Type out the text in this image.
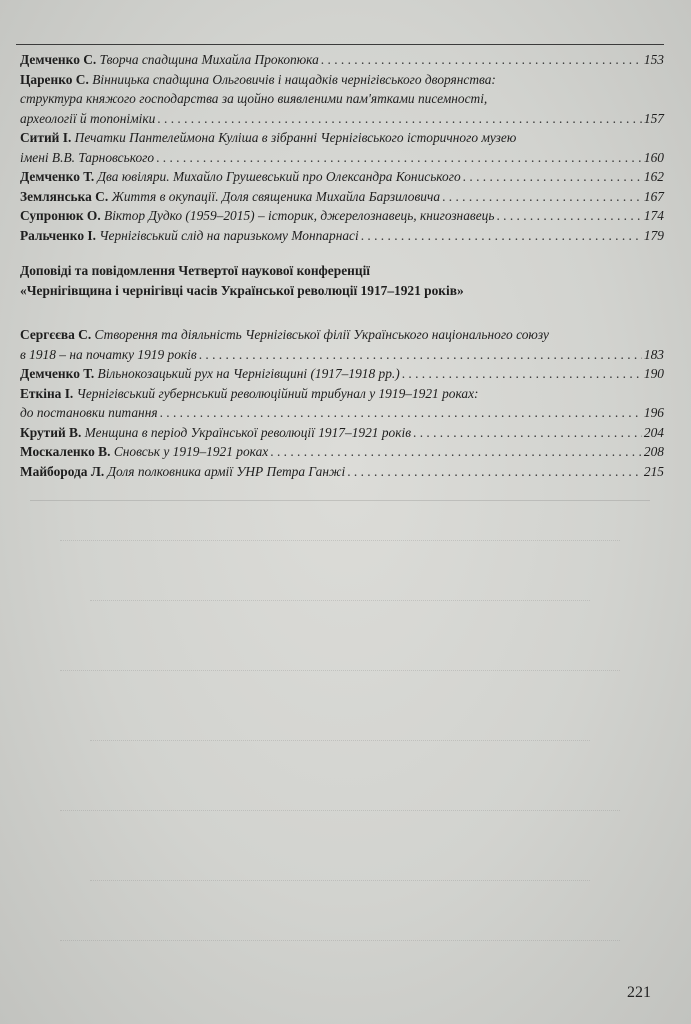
Демченко С. Творча спадщина Михайла Прокопюка . . .	153
Царенко С. Вінницька спадщина Ольговичів і нащадків чернігівського дворянства:
структура княжого господарства за щойно виявленими пам'ятками писемності,
археології й топоніміки . . .	157
Ситий І. Печатки Пантелеймона Куліша в зібранні Чернігівського історичного музею
імені В.В. Тарновського . . .	160
Демченко Т. Два ювіляри. Михайло Грушевський про Олександра Кониського . . .	162
Землянська С. Життя в окупації. Доля священика Михайла Барзиловича . . .	167
Супронюк О. Віктор Дудко (1959–2015) – історик, джерелознавець, книгознавець . . .	174
Ральченко І. Чернігівський слід на паризькому Монпарнасі . . .	179
Доповіді та повідомлення Четвертої наукової конференції
«Чернігівщина і чернігівці часів Української революції 1917–1921 років»
Сергєєва С. Створення та діяльність Чернігівської філії Українського національного союзу
в 1918 – на початку 1919 років . . .	183
Демченко Т. Вільнокозацький рух на Чернігівщині (1917–1918 рр.) . . .	190
Еткіна І. Чернігівський губернський революційний трибунал у 1919–1921 роках:
до постановки питання . . .	196
Крутий В. Менщина в період Української революції 1917–1921 років . . .	204
Москаленко В. Сновськ у 1919–1921 роках . . .	208
Майборода Л. Доля полковника армії УНР Петра Ганжі . . .	215
221
